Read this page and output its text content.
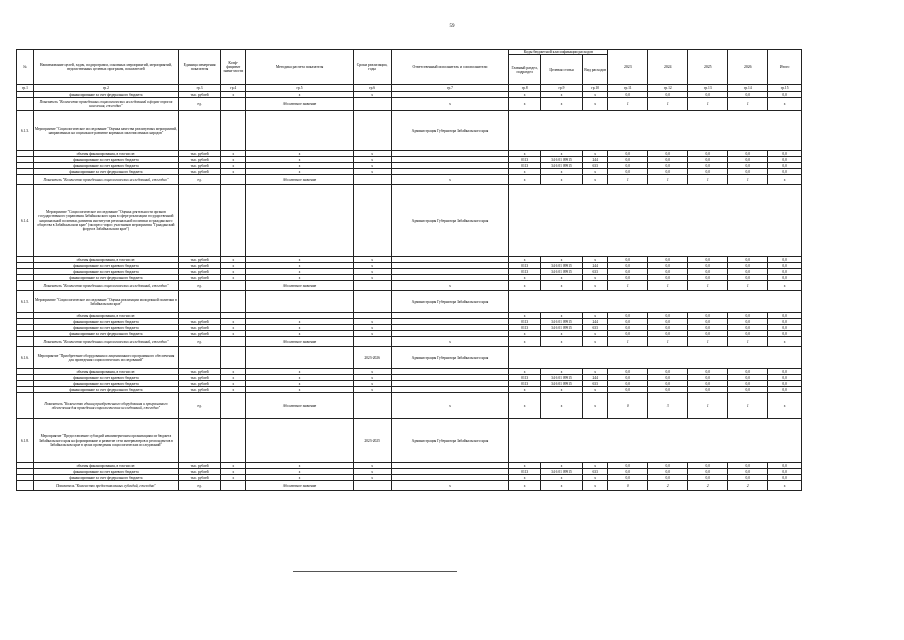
59
№	Наименование целей, задач, подпрограмм, основных мероприятий, мероприятий, ведомственных целевых программ, показателей	Единица измерения показателя	Коэф-фициент значи-мости	Методика расчета показателя	Сроки реализации, годы	Ответственный исполнитель и соисполнители	Коды бюджетной классификации расходов			2023	2024	2025	2026	Итого
							Главный раздел, подраздел	Целевая статья	Вид расходов					
гр.1	гр.2	гр.3	гр.4	гр.5	гр.6	гр.7	гр.8	гр.9	гр.10	гр.11	гр.12	гр.13	гр.14	гр.15
	финансирование за счет федерального бюджета	тыс. рублей	х	х	х		х	х	х	0,0	0,0	0,0	0,0	0,0
	Показатель "Количество проведенных социологических исследований в форме опросов населения, ежегодно"	ед.		Абсолютное значение		х	х	х	х	1	1	1	1	х
6.1.3.	Мероприятие "Социологическое исследование "Оценка качества реализуемых мероприятий, направленных на социальное развитие коренных малочисленных народов"					Администрация Губернатора Забайкальского края								
	объемы финансирования, в том числе:	тыс. рублей	х	х	х		х	х	х	0,0	0,0	0,0	0,0	0,0
	финансирование за счет краевого бюджета	тыс. рублей	х	х	х		0113	34 6 01 09915	244	0,0	0,0	0,0	0,0	0,0
	финансирование за счет краевого бюджета	тыс. рублей	х	х	х		0113	34 6 01 09915	633	0,0	0,0	0,0	0,0	0,0
	финансирование за счет федерального бюджета	тыс. рублей	х	х	х		х	х	х	0,0	0,0	0,0	0,0	0,0
	Показатель "Количество проведенных социологических исследований, ежегодно"	ед.		Абсолютное значение		х	х	х	х	1	1	1	1	х
6.1.4.	Мероприятие "Социологическое исследование "Оценка деятельности органов государственного управления Забайкальского края в сфере реализации государственной национальной политики, развития институтов региональной политики и гражданского общества в Забайкальском крае" (экспресс-опрос участников мероприятия "Гражданский форум в Забайкальском крае")					Администрация Губернатора Забайкальского края								
	объемы финансирования, в том числе:	тыс. рублей	х	х	х		х	х	х	0,0	0,0	0,0	0,0	0,0
	финансирование за счет краевого бюджета	тыс. рублей	х	х	х		0113	34 6 01 09915	244	0,0	0,0	0,0	0,0	0,0
	финансирование за счет краевого бюджета	тыс. рублей	х	х	х		0113	34 6 01 09915	633	0,0	0,0	0,0	0,0	0,0
	финансирование за счет федерального бюджета	тыс. рублей	х	х	х		х	х	х	0,0	0,0	0,0	0,0	0,0
	Показатель "Количество проведенных социологических исследований, ежегодно"	ед.		Абсолютное значение		х	х	х	х	1	1	1	1	х
6.1.5.	Мероприятие "Социологическое исследование "Оценка реализации молодежной политики в Забайкальском крае"					Администрация Губернатора Забайкальского края								
	объемы финансирования, в том числе:						х	х	х	0,0	0,0	0,0	0,0	0,0
	финансирование за счет краевого бюджета	тыс. рублей	х	х	х		0113	34 6 01 09915	244	0,0	0,0	0,0	0,0	0,0
	финансирование за счет краевого бюджета	тыс. рублей	х	х	х		0113	34 6 01 09915	633	0,0	0,0	0,0	0,0	0,0
	финансирование за счет федерального бюджета	тыс. рублей	х	х	х		х	х	х	0,0	0,0	0,0	0,0	0,0
	Показатель "Количество проведенных социологических исследований, ежегодно"	ед.		Абсолютное значение		х	х	х	х	1	1	1	1	х
6.1.6.	Мероприятие "Приобретение оборудования и лицензионного программного обеспечения для проведения социологических исследований"				2023-2026	Администрация Губернатора Забайкальского края								
	объемы финансирования, в том числе:	тыс. рублей	х	х	х		х	х	х	0,0	0,0	0,0	0,0	0,0
	финансирование за счет краевого бюджета	тыс. рублей	х	х	х		0113	34 6 01 09915	244	0,0	0,0	0,0	0,0	0,0
	финансирование за счет краевого бюджета	тыс. рублей	х	х	х		0113	34 6 01 09915	633	0,0	0,0	0,0	0,0	0,0
	финансирование за счет федерального бюджета	тыс. рублей	х	х	х		х	х	х	0,0	0,0	0,0	0,0	0,0
	Показатель "Количество единиц приобретенного оборудования и программного обеспечения для проведения социологических исследований, ежегодно"	ед.		Абсолютное значение		х	х	х	х	0	3	1	1	х
6.1.8.	Мероприятие "Предоставление субсидий некоммерческим организациям из бюджета Забайкальского края на формирование и развитие сети интервьюеров и респондентов в Забайкальском крае в целях проведения социологических исследований"				2023-2025	Администрация Губернатора Забайкальского края								
	объемы финансирования, в том числе:	тыс. рублей	х	х	х		х	х	х	0,0	0,0	0,0	0,0	0,0
	финансирование за счет краевого бюджета	тыс. рублей	х	х	х		0113	34 6 01 09915	633	0,0	0,0	0,0	0,0	0,0
	финансирование за счет федерального бюджета	тыс. рублей	х	х	х		х	х	х	0,0	0,0	0,0	0,0	0,0
	Показатель "Количество предоставленных субсидий, ежегодно"	ед.		Абсолютное значение		х	х	х	х	0	2	2	2	х
